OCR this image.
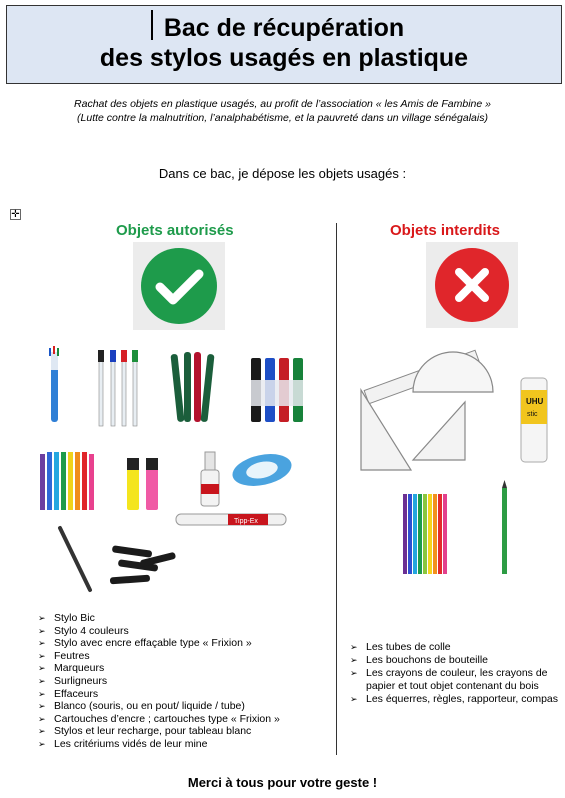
Bac de récupération
des stylos usagés en plastique
Rachat des objets en plastique usagés, au profit de l’association « les Amis de Fambine »
(Lutte contre la malnutrition, l’analphabétisme, et la pauvreté dans un village sénégalais)
Dans ce bac, je dépose les objets usagés :
✛
Objets autorisés	Objets interdits
Tipp-Ex
UHU
stic
➢ Stylo Bic
➢ Stylo 4 couleurs
➢ Stylo avec encre effaçable type « Frixion »
➢ Feutres
➢ Marqueurs
➢ Surligneurs
➢ Effaceurs
➢ Blanco (souris, ou en pout/ liquide / tube)
➢ Cartouches d’encre ; cartouches type « Frixion »
➢ Stylos et leur recharge, pour tableau blanc
➢ Les critériums vidés de leur mine
➢ Les tubes de colle
➢ Les bouchons de bouteille
➢ Les crayons de couleur, les crayons de papier et tout objet contenant du bois
➢ Les équerres, règles, rapporteur, compas
Merci à tous pour votre geste !
